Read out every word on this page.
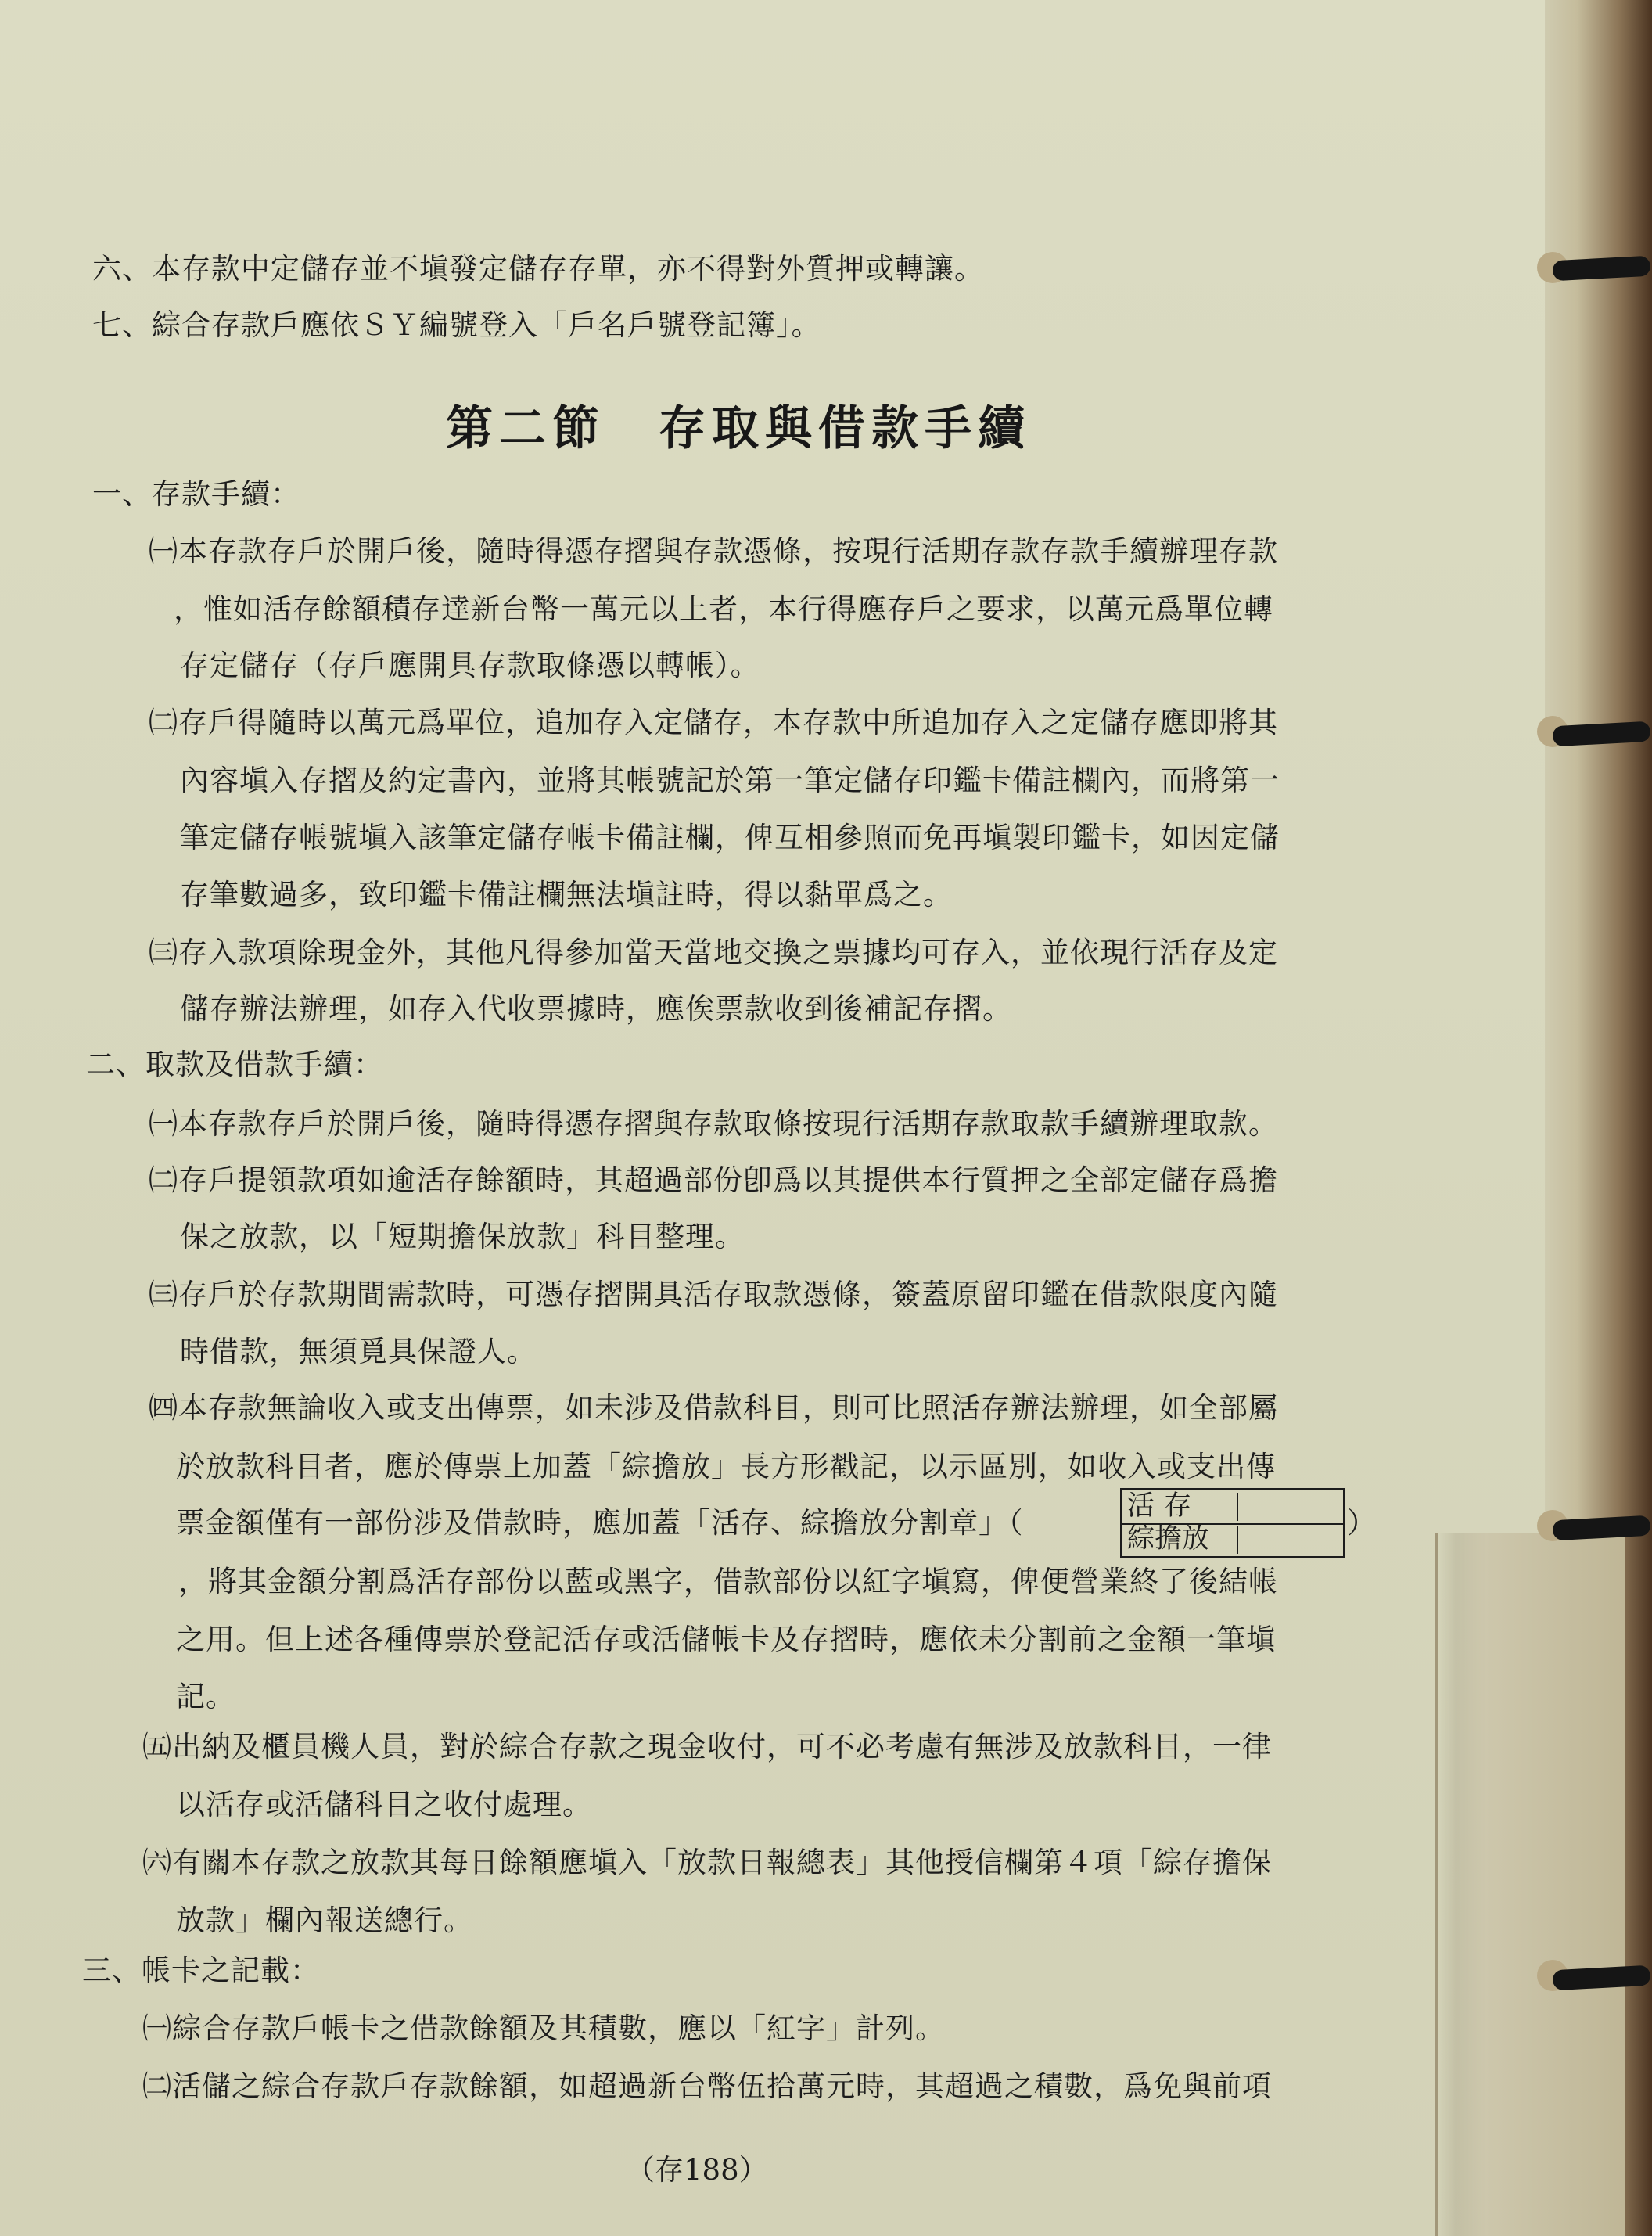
六、本存款中定儲存並不塡發定儲存存單，亦不得對外質押或轉讓。
七、綜合存款戶應依ＳＹ編號登入「戶名戶號登記簿」。
第二節　存取與借款手續
一、存款手續：
㈠本存款存戶於開戶後，隨時得憑存摺與存款憑條，按現行活期存款存款手續辦理存款
，惟如活存餘額積存達新台幣一萬元以上者，本行得應存戶之要求，以萬元爲單位轉
存定儲存（存戶應開具存款取條憑以轉帳）。
㈡存戶得隨時以萬元爲單位，追加存入定儲存，本存款中所追加存入之定儲存應即將其
內容塡入存摺及約定書內，並將其帳號記於第一筆定儲存印鑑卡備註欄內，而將第一
筆定儲存帳號塡入該筆定儲存帳卡備註欄，俾互相參照而免再塡製印鑑卡，如因定儲
存筆數過多，致印鑑卡備註欄無法塡註時，得以黏單爲之。
㈢存入款項除現金外，其他凡得參加當天當地交換之票據均可存入，並依現行活存及定
儲存辦法辦理，如存入代收票據時，應俟票款收到後補記存摺。
二、取款及借款手續：
㈠本存款存戶於開戶後，隨時得憑存摺與存款取條按現行活期存款取款手續辦理取款。
㈡存戶提領款項如逾活存餘額時，其超過部份卽爲以其提供本行質押之全部定儲存爲擔
保之放款，以「短期擔保放款」科目整理。
㈢存戶於存款期間需款時，可憑存摺開具活存取款憑條，簽蓋原留印鑑在借款限度內隨
時借款，無須覓具保證人。
㈣本存款無論收入或支出傳票，如未涉及借款科目，則可比照活存辦法辦理，如全部屬
於放款科目者，應於傳票上加蓋「綜擔放」長方形戳記，以示區別，如收入或支出傳
票金額僅有一部份涉及借款時，應加蓋「活存、綜擔放分割章」（	活存
綜擔放	）
，將其金額分割爲活存部份以藍或黑字，借款部份以紅字塡寫，俾便營業終了後結帳
之用。但上述各種傳票於登記活存或活儲帳卡及存摺時，應依未分割前之金額一筆塡
記。
㈤出納及櫃員機人員，對於綜合存款之現金收付，可不必考慮有無涉及放款科目，一律
以活存或活儲科目之收付處理。
㈥有關本存款之放款其每日餘額應塡入「放款日報總表」其他授信欄第４項「綜存擔保
放款」欄內報送總行。
三、帳卡之記載：
㈠綜合存款戶帳卡之借款餘額及其積數，應以「紅字」計列。
㈡活儲之綜合存款戶存款餘額，如超過新台幣伍拾萬元時，其超過之積數，爲免與前項
（存188）
